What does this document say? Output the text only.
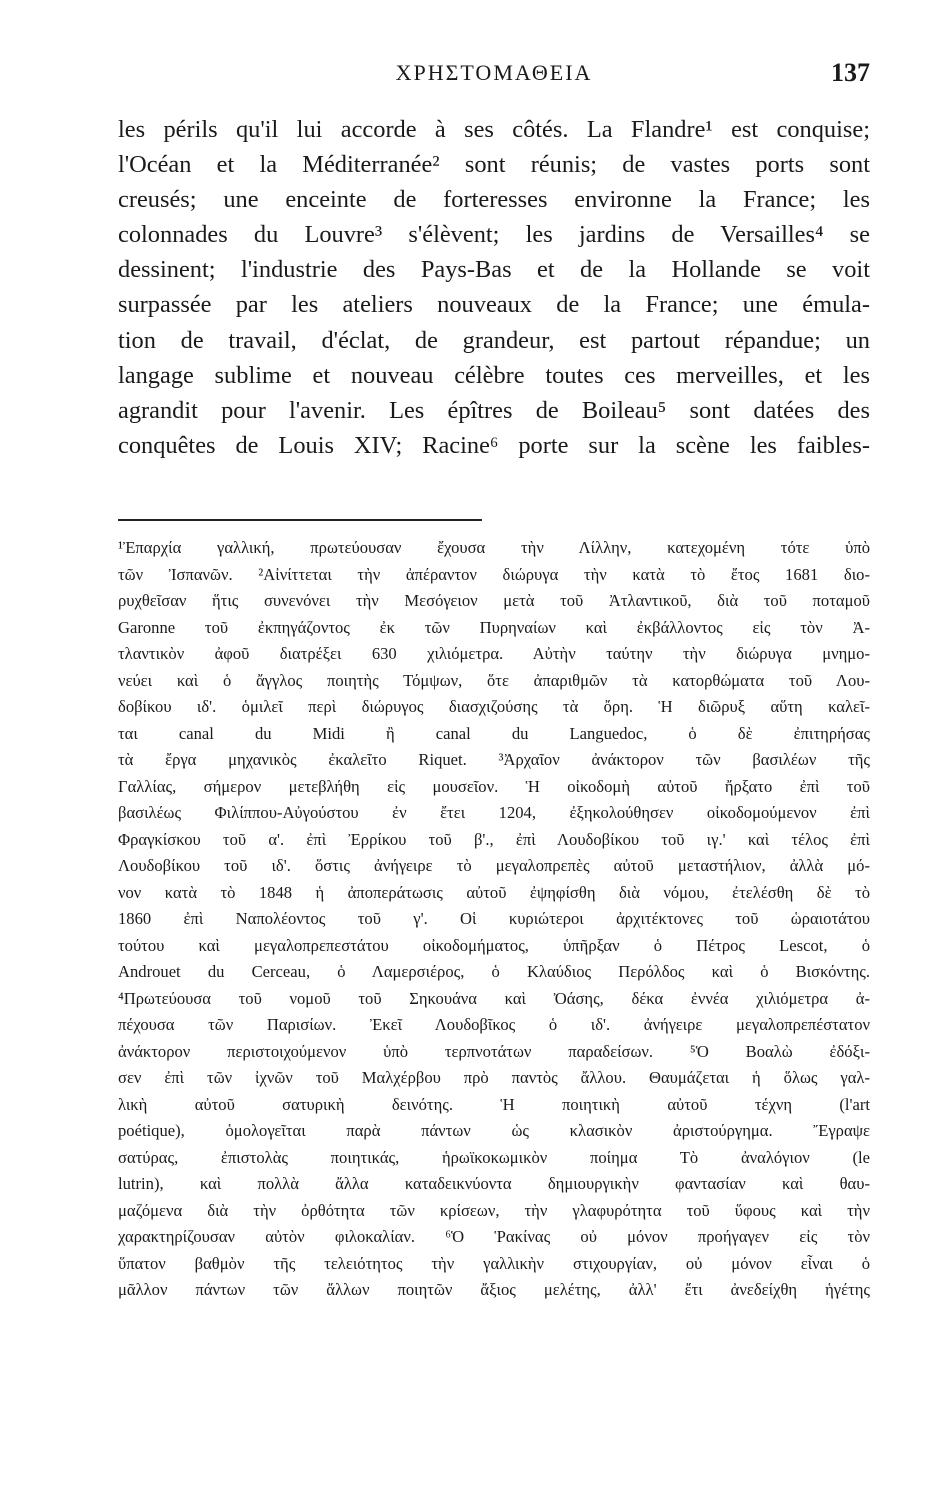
ΧΡΗΣΤΟΜΑΘΕΙΑ	137
les périls qu'il lui accorde à ses côtés. La Flandre¹ est conquise;
l'Océan et la Méditerranée² sont réunis; de vastes ports sont
creusés; une enceinte de forteresses environne la France; les
colonnades du Louvre³ s'élèvent; les jardins de Versailles⁴ se
dessinent; l'industrie des Pays-Bas et de la Hollande se voit
surpassée par les ateliers nouveaux de la France; une émula-
tion de travail, d'éclat, de grandeur, est partout répandue; un
langage sublime et nouveau célèbre toutes ces merveilles, et les
agrandit pour l'avenir. Les épîtres de Boileau⁵ sont datées des
conquêtes de Louis XIV; Racine⁶ porte sur la scène les faibles-
¹Ἐπαρχία γαλλική, πρωτεύουσαν ἔχουσα τὴν Λίλλην, κατεχομένη τότε ὑπὸ
τῶν Ἰσπανῶν. ²Αἰνίττεται τὴν ἀπέραντον διώρυγα τὴν κατὰ τὸ ἔτος 1681 διο-
ρυχθεῖσαν ἥτις συνενόνει τὴν Μεσόγειον μετὰ τοῦ Ἀτλαντικοῦ, διὰ τοῦ ποταμοῦ
Garonne τοῦ ἐκπηγάζοντος ἐκ τῶν Πυρηναίων καὶ ἐκβάλλοντος εἰς τὸν Ἀ-
τλαντικὸν ἀφοῦ διατρέξει 630 χιλιόμετρα. Αὐτὴν ταύτην τὴν διώρυγα μνημο-
νεύει καὶ ὁ ἄγγλος ποιητὴς Τόμψων, ὅτε ἀπαριθμῶν τὰ κατορθώματα τοῦ Λου-
δοβίκου ιδ'. ὁμιλεῖ περὶ διώρυγος διασχιζούσης τὰ ὄρη. Ἡ διῶρυξ αὕτη καλεῖ-
ται canal du Midi ἢ canal du Languedoc, ὁ δὲ ἐπιτηρήσας
τὰ ἔργα μηχανικὸς ἐκαλεῖτο Riquet. ³Ἀρχαῖον ἀνάκτορον τῶν βασιλέων τῆς
Γαλλίας, σήμερον μετεβλήθη εἰς μουσεῖον. Ἡ οἰκοδομὴ αὐτοῦ ἤρξατο ἐπὶ τοῦ
βασιλέως Φιλίππου-Αὐγούστου ἐν ἔτει 1204, ἐξηκολούθησεν οἰκοδομούμενον ἐπὶ
Φραγκίσκου τοῦ α'. ἐπὶ Ἐρρίκου τοῦ β'., ἐπὶ Λουδοβίκου τοῦ ιγ.' καὶ τέλος ἐπὶ
Λουδοβίκου τοῦ ιδ'. ὅστις ἀνήγειρε τὸ μεγαλοπρεπὲς αὐτοῦ μεταστήλιον, ἀλλὰ μό-
νον κατὰ τὸ 1848 ἡ ἀποπεράτωσις αὐτοῦ ἐψηφίσθη διὰ νόμου, ἐτελέσθη δὲ τὸ
1860 ἐπὶ Ναπολέοντος τοῦ γ'. Οἱ κυριώτεροι ἀρχιτέκτονες τοῦ ὡραιοτάτου
τούτου καὶ μεγαλοπρεπεστάτου οἰκοδομήματος, ὑπῆρξαν ὁ Πέτρος Lescot, ὁ
Androuet du Cerceau, ὁ Λαμερσιέρος, ὁ Κλαύδιος Περόλδος καὶ ὁ Βισκόντης.
⁴Πρωτεύουσα τοῦ νομοῦ τοῦ Σηκουάνα καὶ Ὀάσης, δέκα ἐννέα χιλιόμετρα ἀ-
πέχουσα τῶν Παρισίων. Ἐκεῖ Λουδοβῖκος ὁ ιδ'. ἀνήγειρε μεγαλοπρεπέστατον
ἀνάκτορον περιστοιχούμενον ὑπὸ τερπνοτάτων παραδείσων. ⁵Ὁ Βοαλὼ ἐδόξι-
σεν ἐπὶ τῶν ἰχνῶν τοῦ Μαλχέρβου πρὸ παντὸς ἄλλου. Θαυμάζεται ἡ ὅλως γαλ-
λικὴ αὐτοῦ σατυρικὴ δεινότης. Ἡ ποιητικὴ αὐτοῦ τέχνη (l'art
poétique), ὁμολογεῖται παρὰ πάντων ὡς κλασικὸν ἀριστούργημα. Ἔγραψε
σατύρας, ἐπιστολὰς ποιητικάς, ἡρωϊκοκωμικὸν ποίημα Τὸ ἀναλόγιον (le
lutrin), καὶ πολλὰ ἄλλα καταδεικνύοντα δημιουργικὴν φαντασίαν καὶ θαυ-
μαζόμενα διὰ τὴν ὀρθότητα τῶν κρίσεων, τὴν γλαφυρότητα τοῦ ὕφους καὶ τὴν
χαρακτηρίζουσαν αὐτὸν φιλοκαλίαν. ⁶Ὁ Ῥακίνας οὐ μόνον προήγαγεν εἰς τὸν
ὕπατον βαθμὸν τῆς τελειότητος τὴν γαλλικὴν στιχουργίαν, οὐ μόνον εἶναι ὁ
μᾶλλον πάντων τῶν ἄλλων ποιητῶν ἄξιος μελέτης, ἀλλ' ἔτι ἀνεδείχθη ἡγέτης
